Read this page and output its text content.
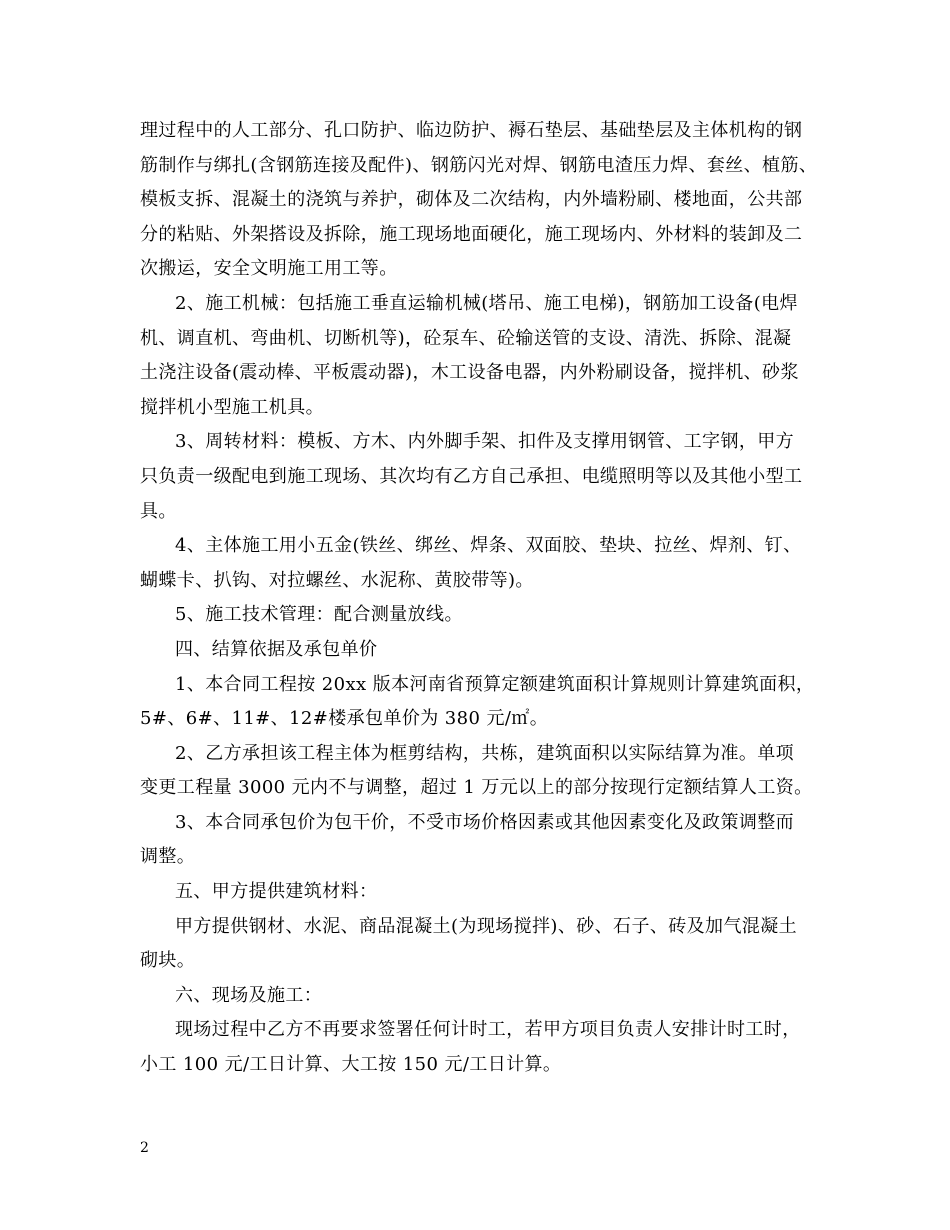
理过程中的人工部分、孔口防护、临边防护、褥石垫层、基础垫层及主体机构的钢
筋制作与绑扎(含钢筋连接及配件)、钢筋闪光对焊、钢筋电渣压力焊、套丝、植筋、
模板支拆、混凝土的浇筑与养护，砌体及二次结构，内外墙粉刷、楼地面，公共部
分的粘贴、外架搭设及拆除，施工现场地面硬化，施工现场内、外材料的装卸及二
次搬运，安全文明施工用工等。
2、施工机械：包括施工垂直运输机械(塔吊、施工电梯)，钢筋加工设备(电焊
机、调直机、弯曲机、切断机等)，砼泵车、砼输送管的支设、清洗、拆除、混凝
土浇注设备(震动棒、平板震动器)，木工设备电器，内外粉刷设备，搅拌机、砂浆
搅拌机小型施工机具。
3、周转材料：模板、方木、内外脚手架、扣件及支撑用钢管、工字钢，甲方
只负责一级配电到施工现场、其次均有乙方自己承担、电缆照明等以及其他小型工
具。
4、主体施工用小五金(铁丝、绑丝、焊条、双面胶、垫块、拉丝、焊剂、钉、
蝴蝶卡、扒钩、对拉螺丝、水泥称、黄胶带等)。
5、施工技术管理：配合测量放线。
四、结算依据及承包单价
1、本合同工程按 20xx 版本河南省预算定额建筑面积计算规则计算建筑面积，
5#、6#、11#、12#楼承包单价为 380 元/㎡。
2、乙方承担该工程主体为框剪结构，共栋，建筑面积以实际结算为准。单项
变更工程量 3000 元内不与调整，超过 1 万元以上的部分按现行定额结算人工资。
3、本合同承包价为包干价，不受市场价格因素或其他因素变化及政策调整而
调整。
五、甲方提供建筑材料：
甲方提供钢材、水泥、商品混凝土(为现场搅拌)、砂、石子、砖及加气混凝土
砌块。
六、现场及施工：
现场过程中乙方不再要求签署任何计时工，若甲方项目负责人安排计时工时，
小工 100 元/工日计算、大工按 150 元/工日计算。
2
